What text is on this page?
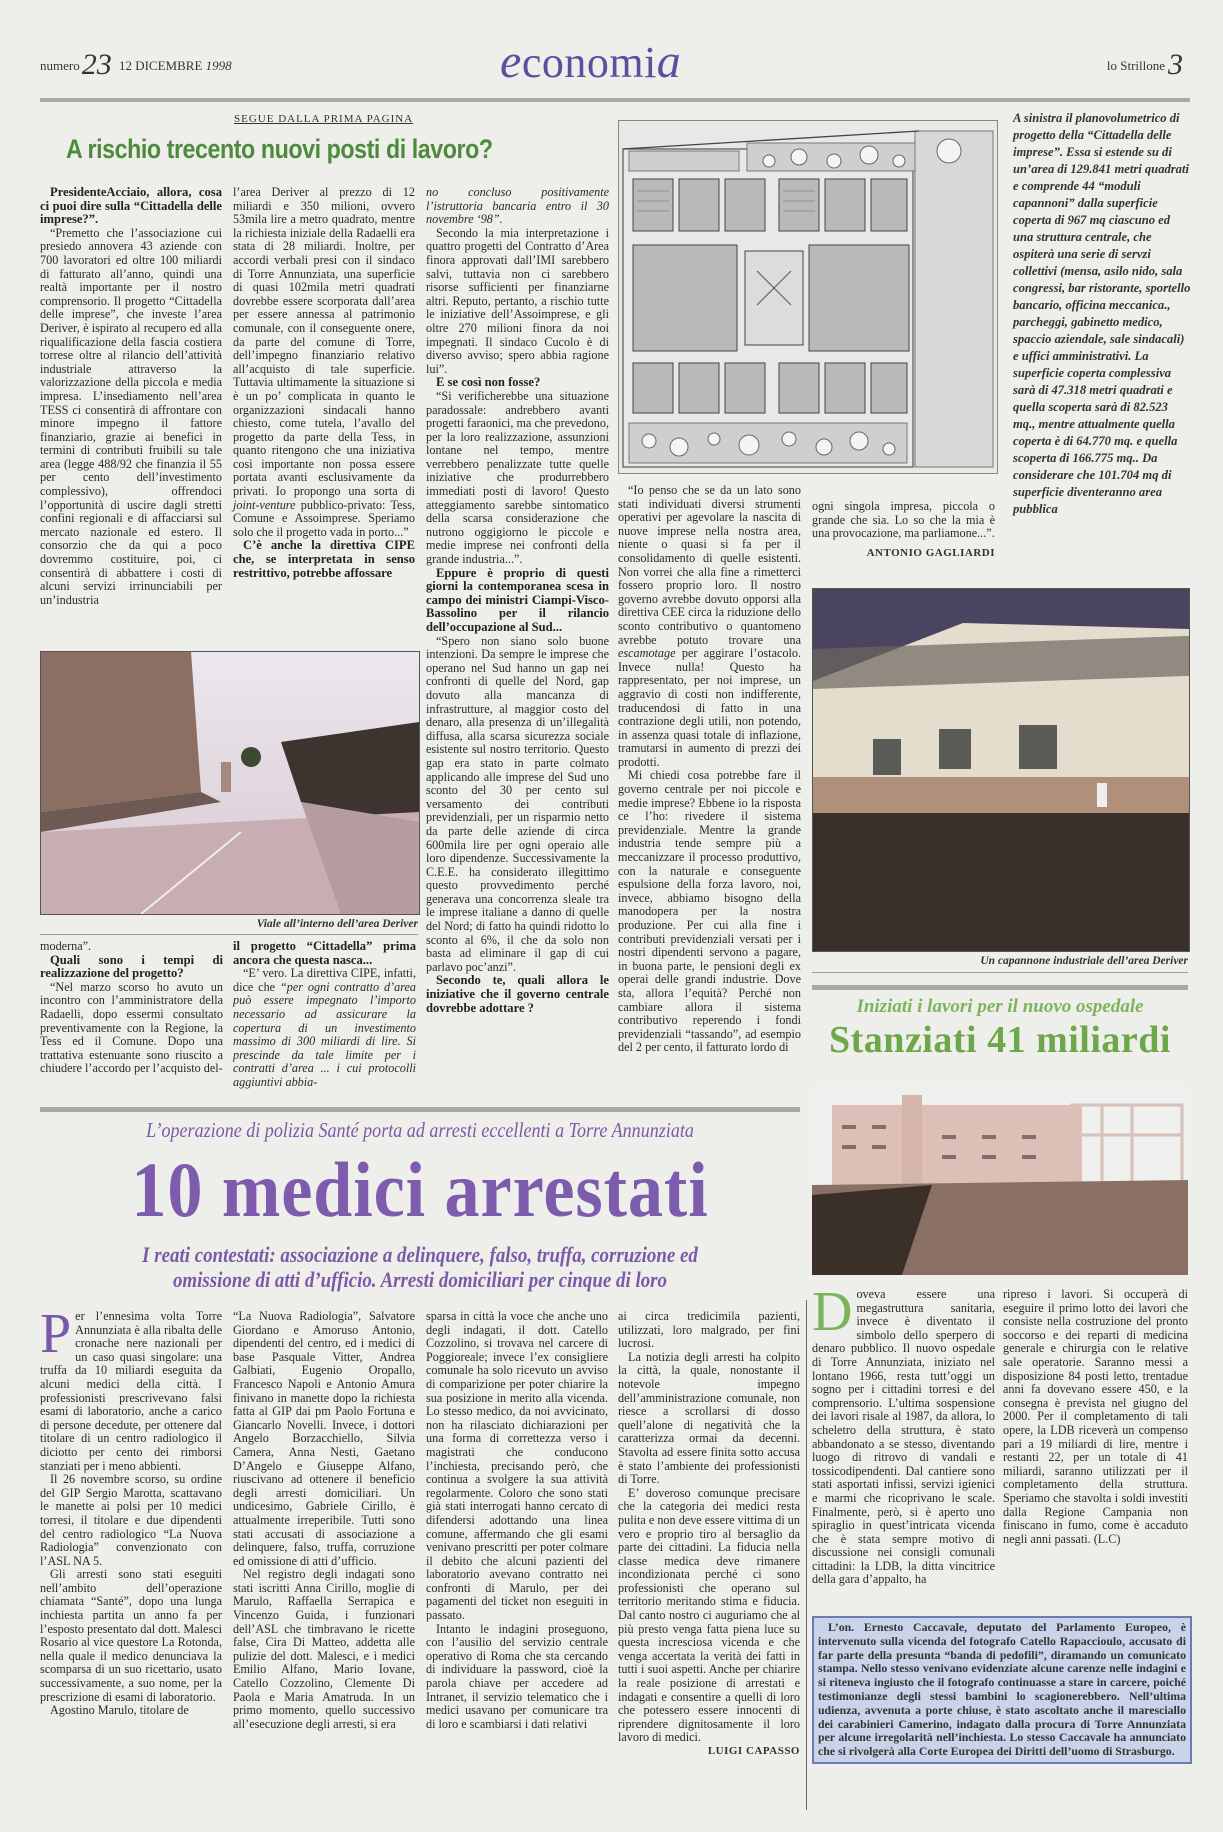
numero23 12 DICEMBRE 1998	economia	lo Strillone 3
SEGUE DALLA PRIMA PAGINA
A rischio trecento nuovi posti di lavoro?

PresidenteAcciaio, allora, cosa ci puoi dire sulla “Cittadella delle imprese?”.

“Premetto che l’associazione cui presiedo annovera 43 aziende con 700 lavoratori ed oltre 100 miliardi di fatturato all’anno, quindi una realtà importante per il nostro comprensorio. Il progetto “Cittadella delle imprese”, che investe l’area Deriver, è ispirato al recupero ed alla riqualificazione della fascia costiera torrese oltre al rilancio dell’attività industriale attraverso la valorizzazione della piccola e media impresa. L’insediamento nell’area TESS ci consentirà di affrontare con minore impegno il fattore finanziario, grazie ai benefici in termini di contributi fruibili su tale area (legge 488/92 che finanzia il 55 per cento dell’investimento complessivo), offrendoci l’opportunità di uscire dagli stretti confini regionali e di affacciarsi sul mercato nazionale ed estero. Il consorzio che da qui a poco dovremmo costituire, poi, ci consentirà di abbattere i costi di alcuni servizi irrinunciabili per un’industria

l’area Deriver al prezzo di 12 miliardi e 350 milioni, ovvero 53mila lire a metro quadrato, mentre la richiesta iniziale della Radaelli era stata di 28 miliardi. Inoltre, per accordi verbali presi con il sindaco di Torre Annunziata, una superficie di quasi 102mila metri quadrati dovrebbe essere scorporata dall’area per essere annessa al patrimonio comunale, con il conseguente onere, da parte del comune di Torre, dell’impegno finanziario relativo all’acquisto di tale superficie. Tuttavia ultimamente la situazione si è un po’ complicata in quanto le organizzazioni sindacali hanno chiesto, come tutela, l’avallo del progetto da parte della Tess, in quanto ritengono che una iniziativa così importante non possa essere portata avanti esclusivamente da privati. Io propongo una sorta di joint-venture pubblico-privato: Tess, Comune e Assoimprese. Speriamo solo che il progetto vada in porto...”

C’è anche la direttiva CIPE che, se interpretata in senso restrittivo, potrebbe affossare

no concluso positivamente l’istruttoria bancaria entro il 30 novembre ‘98”.

Secondo la mia interpretazione i quattro progetti del Contratto d’Area finora approvati dall’IMI sarebbero salvi, tuttavia non ci sarebbero risorse sufficienti per finanziarne altri. Reputo, pertanto, a rischio tutte le iniziative dell’Assoimprese, e gli oltre 270 milioni finora da noi impegnati. Il sindaco Cucolo è di diverso avviso; spero abbia ragione lui”.

E se così non fosse?

“Si verificherebbe una situazione paradossale: andrebbero avanti progetti faraonici, ma che prevedono, per la loro realizzazione, assunzioni lontane nel tempo, mentre verrebbero penalizzate tutte quelle iniziative che produrrebbero immediati posti di lavoro! Questo atteggiamento sarebbe sintomatico della scarsa considerazione che nutrono oggigiorno le piccole e medie imprese nei confronti della grande industria...”.

Eppure è proprio di questi giorni la contemporanea scesa in campo dei ministri Ciampi-Visco-Bassolino per il rilancio dell’occupazione al Sud...

“Spero non siano solo buone intenzioni. Da sempre le imprese che operano nel Sud hanno un gap nei confronti di quelle del Nord, gap dovuto alla mancanza di infrastrutture, al maggior costo del denaro, alla presenza di un’illegalità diffusa, alla scarsa sicurezza sociale esistente sul nostro territorio. Questo gap era stato in parte colmato applicando alle imprese del Sud uno sconto del 30 per cento sul versamento dei contributi previdenziali, per un risparmio netto da parte delle aziende di circa 600mila lire per ogni operaio alle loro dipendenze. Successivamente la C.E.E. ha considerato illegittimo questo provvedimento perché generava una concorrenza sleale tra le imprese italiane a danno di quelle del Nord; di fatto ha quindi ridotto lo sconto al 6%, il che da solo non basta ad eliminare il gap di cui parlavo poc’anzi”.

Secondo te, quali allora le iniziative che il governo centrale dovrebbe adottare ?

A sinistra il planovolumetrico di progetto della “Cittadella delle imprese”. Essa si estende su di un’area di 129.841 metri quadrati e comprende 44 “moduli capannoni” dalla superficie coperta di 967 mq ciascuno ed una struttura centrale, che ospiterà una serie di servzi collettivi (mensa, asilo nido, sala congressi, bar ristorante, sportello bancario, officina meccanica., parcheggi, gabinetto medico, spaccio aziendale, sale sindacali) e uffici amministrativi. La superficie coperta complessiva sarà di 47.318 metri quadrati e quella scoperta sarà di 82.523 mq., mentre attualmente quella coperta è di 64.770 mq. e quella scoperta di 166.775 mq.. Da considerare che 101.704 mq di superficie diventeranno area pubblica

“Io penso che se da un lato sono stati individuati diversi strumenti operativi per agevolare la nascita di nuove imprese nella nostra area, niente o quasi si fa per il consolidamento di quelle esistenti. Non vorrei che alla fine a rimetterci fossero proprio loro. Il nostro governo avrebbe dovuto opporsi alla direttiva CEE circa la riduzione dello sconto contributivo o quantomeno avrebbe potuto trovare una escamotage per aggirare l’ostacolo. Invece nulla! Questo ha rappresentato, per noi imprese, un aggravio di costi non indifferente, traducendosi di fatto in una contrazione degli utili, non potendo, in assenza quasi totale di inflazione, tramutarsi in aumento di prezzi dei prodotti.

Mi chiedi cosa potrebbe fare il governo centrale per noi piccole e medie imprese? Ebbene io la risposta ce l’ho: rivedere il sistema previdenziale. Mentre la grande industria tende sempre più a meccanizzare il processo produttivo, con la naturale e conseguente espulsione della forza lavoro, noi, invece, abbiamo bisogno della manodopera per la nostra produzione. Per cui alla fine i contributi previdenziali versati per i nostri dipendenti servono a pagare, in buona parte, le pensioni degli ex operai delle grandi industrie. Dove sta, allora l’equità? Perché non cambiare allora il sistema contributivo reperendo i fondi previdenziali “tassando”, ad esempio del 2 per cento, il fatturato lordo di

ogni singola impresa, piccola o grande che sia. Lo so che la mia è una provocazione, ma parliamone...”.

ANTONIO GAGLIARDI
Viale all’interno dell’area Deriver

moderna”.

Quali sono i tempi di realizzazione del progetto?

“Nel marzo scorso ho avuto un incontro con l’amministratore della Radaelli, dopo essermi consultato preventivamente con la Regione, la Tess ed il Comune. Dopo una trattativa estenuante sono riuscito a chiudere l’accordo per l’acquisto del-

il progetto “Cittadella” prima ancora che questa nasca...

“E’ vero. La direttiva CIPE, infatti, dice che “per ogni contratto d’area può essere impegnato l’importo necessario ad assicurare la copertura di un investimento massimo di 300 miliardi di lire. Si prescinde da tale limite per i contratti d’area ... i cui protocolli aggiuntivi abbia-

Un capannone industriale dell’area Deriver
Iniziati i lavori per il nuovo ospedale
Stanziati 41 miliardi

Doveva essere una megastruttura sanitaria, invece è diventato il simbolo dello sperpero di denaro pubblico. Il nuovo ospedale di Torre Annunziata, iniziato nel lontano 1966, resta tutt’oggi un sogno per i cittadini torresi e del comprensorio. L’ultima sospensione dei lavori risale al 1987, da allora, lo scheletro della struttura, è stato abbandonato a se stesso, diventando luogo di ritrovo di vandali e tossicodipendenti. Dal cantiere sono stati asportati infissi, servizi igienici e marmi che ricoprivano le scale. Finalmente, però, si è aperto uno spiraglio in quest’intricata vicenda che è stata sempre motivo di discussione nei consigli comunali cittadini: la LDB, la ditta vincitrice della gara d’appalto, ha

ripreso i lavori. Si occuperà di eseguire il primo lotto dei lavori che consiste nella costruzione del pronto soccorso e dei reparti di medicina generale e chirurgia con le relative sale operatorie. Saranno messi a disposizione 84 posti letto, trentadue anni fa dovevano essere 450, e la consegna è prevista nel giugno del 2000. Per il completamento di tali opere, la LDB riceverà un compenso pari a 19 miliardi di lire, mentre i restanti 22, per un totale di 41 miliardi, saranno utilizzati per il completamento della struttura. Speriamo che stavolta i soldi investiti dalla Regione Campania non finiscano in fumo, come è accaduto negli anni passati. (L.C)

L’on. Ernesto Caccavale, deputato del Parlamento Europeo, è intervenuto sulla vicenda del fotografo Catello Rapaccioulo, accusato di far parte della presunta “banda di pedofili”, diramando un comunicato stampa. Nello stesso venivano evidenziate alcune carenze nelle indagini e si riteneva ingiusto che il fotografo continuasse a stare in carcere, poiché testimonianze degli stessi bambini lo scagionerebbero. Nell’ultima udienza, avvenuta a porte chiuse, è stato ascoltato anche il maresciallo dei carabinieri Camerino, indagato dalla procura di Torre Annunziata per alcune irregolarità nell’inchiesta. Lo stesso Caccavale ha annunciato che si rivolgerà alla Corte Europea dei Diritti dell’uomo di Strasburgo.

L’operazione di polizia Santé porta ad arresti eccellenti a Torre Annunziata
10 medici arrestati
I reati contestati: associazione a delinquere, falso, truffa, corruzione ed omissione di atti d’ufficio. Arresti domiciliari per cinque di loro

Per l’ennesima volta Torre Annunziata è alla ribalta delle cronache nere nazionali per un caso quasi singolare: una truffa da 10 miliardi eseguita da alcuni medici della città. I professionisti prescrivevano falsi esami di laboratorio, anche a carico di persone decedute, per ottenere dal titolare di un centro radiologico il diciotto per cento dei rimborsi stanziati per i meno abbienti.

Il 26 novembre scorso, su ordine del GIP Sergio Marotta, scattavano le manette ai polsi per 10 medici torresi, il titolare e due dipendenti del centro radiologico “La Nuova Radiologia” convenzionato con l’ASL NA 5.

Gli arresti sono stati eseguiti nell’ambito dell’operazione chiamata “Santé”, dopo una lunga inchiesta partita un anno fa per l’esposto presentato dal dott. Malesci Rosario al vice questore La Rotonda, nella quale il medico denunciava la scomparsa di un suo ricettario, usato successivamente, a suo nome, per la prescrizione di esami di laboratorio.

Agostino Marulo, titolare de

“La Nuova Radiologia”, Salvatore Giordano e Amoruso Antonio, dipendenti del centro, ed i medici di base Pasquale Vitter, Andrea Galbiati, Eugenio Oropallo, Francesco Napoli e Antonio Amura finivano in manette dopo la richiesta fatta al GIP dai pm Paolo Fortuna e Giancarlo Novelli. Invece, i dottori Angelo Borzacchiello, Silvia Camera, Anna Nesti, Gaetano D’Angelo e Giuseppe Alfano, riuscivano ad ottenere il beneficio degli arresti domiciliari. Un undicesimo, Gabriele Cirillo, è attualmente irreperibile. Tutti sono stati accusati di associazione a delinquere, falso, truffa, corruzione ed omissione di atti d’ufficio.

Nel registro degli indagati sono stati iscritti Anna Cirillo, moglie di Marulo, Raffaella Serrapica e Vincenzo Guida, i funzionari dell’ASL che timbravano le ricette false, Cira Di Matteo, addetta alle pulizie del dott. Malesci, e i medici Emilio Alfano, Mario Iovane, Catello Cozzolino, Clemente Di Paola e Maria Amatruda. In un primo momento, quello successivo all’esecuzione degli arresti, si era

sparsa in città la voce che anche uno degli indagati, il dott. Catello Cozzolino, si trovava nel carcere di Poggioreale; invece l’ex consigliere comunale ha solo ricevuto un avviso di comparizione per poter chiarire la sua posizione in merito alla vicenda. Lo stesso medico, da noi avvicinato, non ha rilasciato dichiarazioni per una forma di correttezza verso i magistrati che conducono l’inchiesta, precisando però, che continua a svolgere la sua attività regolarmente. Coloro che sono stati già stati interrogati hanno cercato di difendersi adottando una linea comune, affermando che gli esami venivano prescritti per poter colmare il debito che alcuni pazienti del laboratorio avevano contratto nei confronti di Marulo, per dei pagamenti del ticket non eseguiti in passato.

Intanto le indagini proseguono, con l’ausilio del servizio centrale operativo di Roma che sta cercando di individuare la password, cioè la parola chiave per accedere ad Intranet, il servizio telematico che i medici usavano per comunicare tra di loro e scambiarsi i dati relativi

ai circa tredicimila pazienti, utilizzati, loro malgrado, per fini lucrosi.

La notizia degli arresti ha colpito la città, la quale, nonostante il notevole impegno dell’amministrazione comunale, non riesce a scrollarsi di dosso quell’alone di negatività che la caratterizza ormai da decenni. Stavolta ad essere finita sotto accusa è stato l’ambiente dei professionisti di Torre.

E’ doveroso comunque precisare che la categoria dei medici resta pulita e non deve essere vittima di un vero e proprio tiro al bersaglio da parte dei cittadini. La fiducia nella classe medica deve rimanere incondizionata perché ci sono professionisti che operano sul territorio meritando stima e fiducia. Dal canto nostro ci auguriamo che al più presto venga fatta piena luce su questa incresciosa vicenda e che venga accertata la verità dei fatti in tutti i suoi aspetti. Anche per chiarire la reale posizione di arrestati e indagati e consentire a quelli di loro che potessero essere innocenti di riprendere dignitosamente il loro lavoro di medici.

LUIGI CAPASSO
